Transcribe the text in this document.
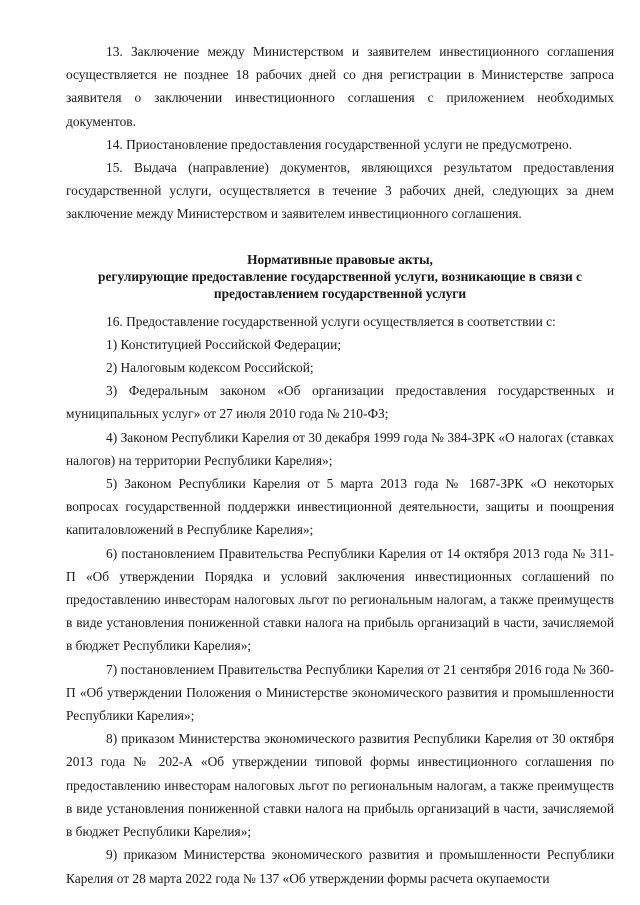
13. Заключение между Министерством и заявителем инвестиционного соглашения осуществляется не позднее 18 рабочих дней со дня регистрации в Министерстве запроса заявителя о заключении инвестиционного соглашения с приложением необходимых документов.

14. Приостановление предоставления государственной услуги не предусмотрено.

15. Выдача (направление) документов, являющихся результатом предоставления государственной услуги, осуществляется в течение 3 рабочих дней, следующих за днем заключение между Министерством и заявителем инвестиционного соглашения.

Нормативные правовые акты,

регулирующие предоставление государственной услуги, возникающие в связи с

предоставлением государственной услуги

16. Предоставление государственной услуги осуществляется в соответствии с:

1) Конституцией Российской Федерации;

2) Налоговым кодексом Российской;

3) Федеральным законом «Об организации предоставления государственных и муниципальных услуг» от 27 июля 2010 года № 210-ФЗ;

4) Законом Республики Карелия от 30 декабря 1999 года № 384-ЗРК «О налогах (ставках налогов) на территории Республики Карелия»;

5) Законом Республики Карелия от 5 марта 2013 года № 1687-ЗРК «О некоторых вопросах государственной поддержки инвестиционной деятельности, защиты и поощрения капиталовложений в Республике Карелия»;

6) постановлением Правительства Республики Карелия от 14 октября 2013 года № 311-П «Об утверждении Порядка и условий заключения инвестиционных соглашений по предоставлению инвесторам налоговых льгот по региональным налогам, а также преимуществ в виде установления пониженной ставки налога на прибыль организаций в части, зачисляемой в бюджет Республики Карелия»;

7) постановлением Правительства Республики Карелия от 21 сентября 2016 года № 360-П «Об утверждении Положения о Министерстве экономического развития и промышленности Республики Карелия»;

8) приказом Министерства экономического развития Республики Карелия от 30 октября 2013 года № 202-А «Об утверждении типовой формы инвестиционного соглашения по предоставлению инвесторам налоговых льгот по региональным налогам, а также преимуществ в виде установления пониженной ставки налога на прибыль организаций в части, зачисляемой в бюджет Республики Карелия»;

9) приказом Министерства экономического развития и промышленности Республики Карелия от 28 марта 2022 года № 137 «Об утверждении формы расчета окупаемости
